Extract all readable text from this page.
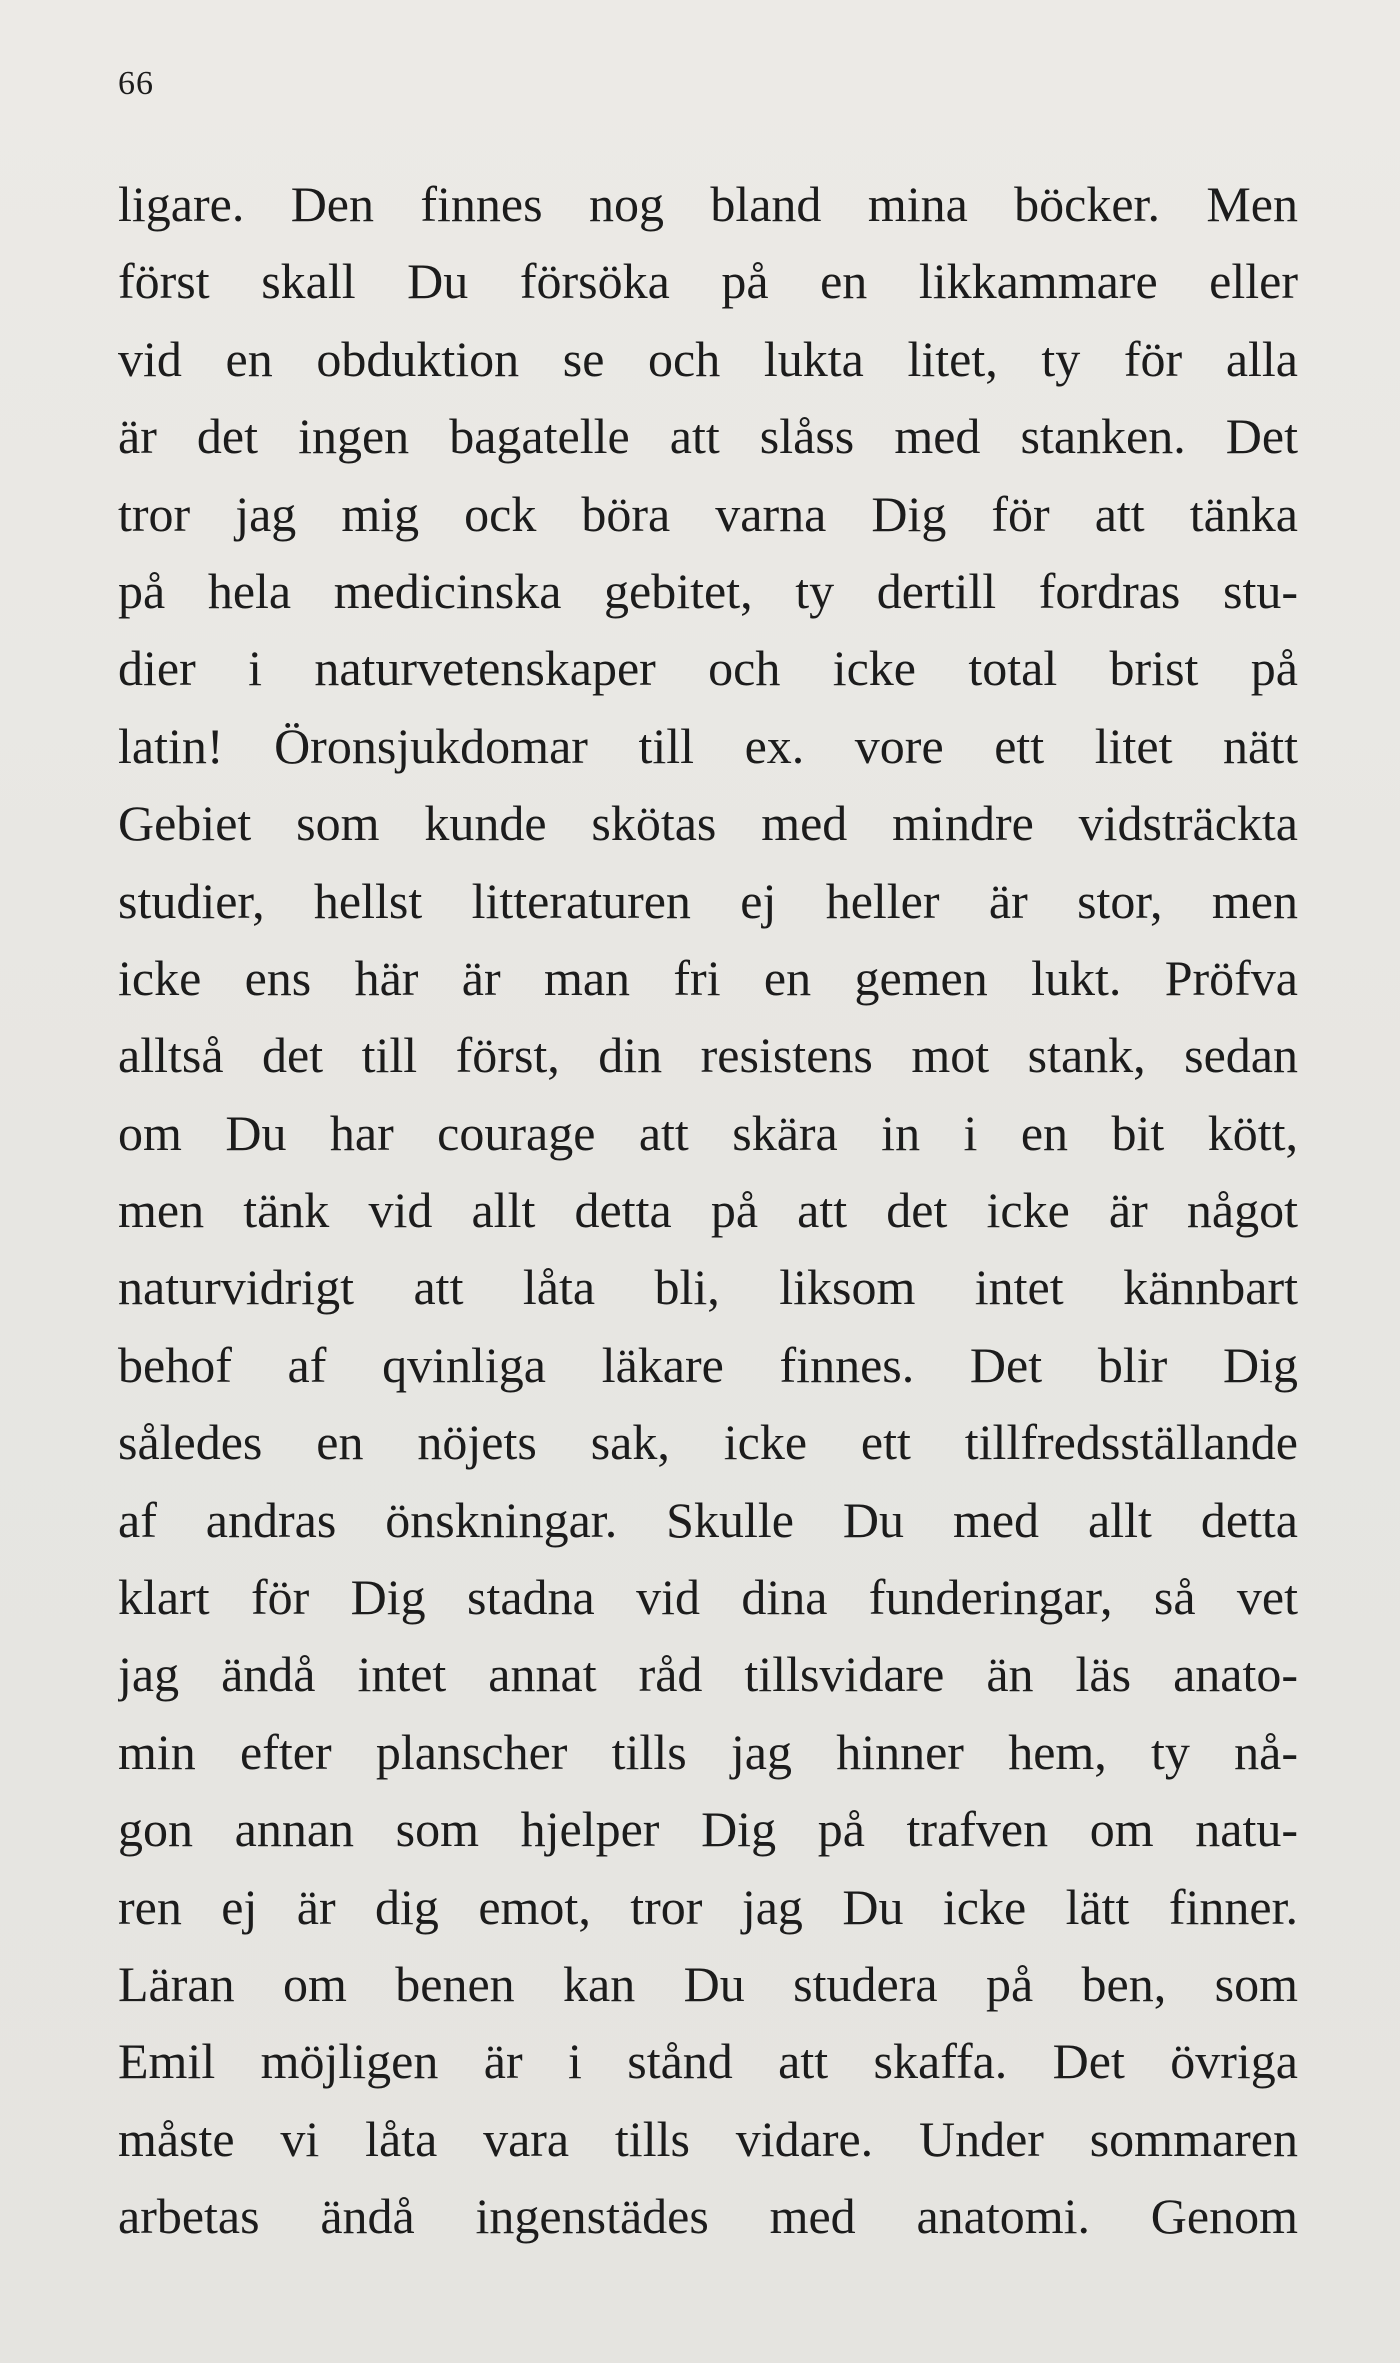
66
ligare. Den finnes nog bland mina böcker. Men
först skall Du försöka på en likkammare eller
vid en obduktion se och lukta litet, ty för alla
är det ingen bagatelle att slåss med stanken. Det
tror jag mig ock böra varna Dig för att tänka
på hela medicinska gebitet, ty dertill fordras stu-
dier i naturvetenskaper och icke total brist på
latin! Öronsjukdomar till ex. vore ett litet nätt
Gebiet som kunde skötas med mindre vidsträckta
studier, hellst litteraturen ej heller är stor, men
icke ens här är man fri en gemen lukt. Pröfva
alltså det till först, din resistens mot stank, sedan
om Du har courage att skära in i en bit kött,
men tänk vid allt detta på att det icke är något
naturvidrigt att låta bli, liksom intet kännbart
behof af qvinliga läkare finnes. Det blir Dig
således en nöjets sak, icke ett tillfredsställande
af andras önskningar. Skulle Du med allt detta
klart för Dig stadna vid dina funderingar, så vet
jag ändå intet annat råd tillsvidare än läs anato-
min efter planscher tills jag hinner hem, ty nå-
gon annan som hjelper Dig på trafven om natu-
ren ej är dig emot, tror jag Du icke lätt finner.
Läran om benen kan Du studera på ben, som
Emil möjligen är i stånd att skaffa. Det övriga
måste vi låta vara tills vidare. Under sommaren
arbetas ändå ingenstädes med anatomi. Genom
